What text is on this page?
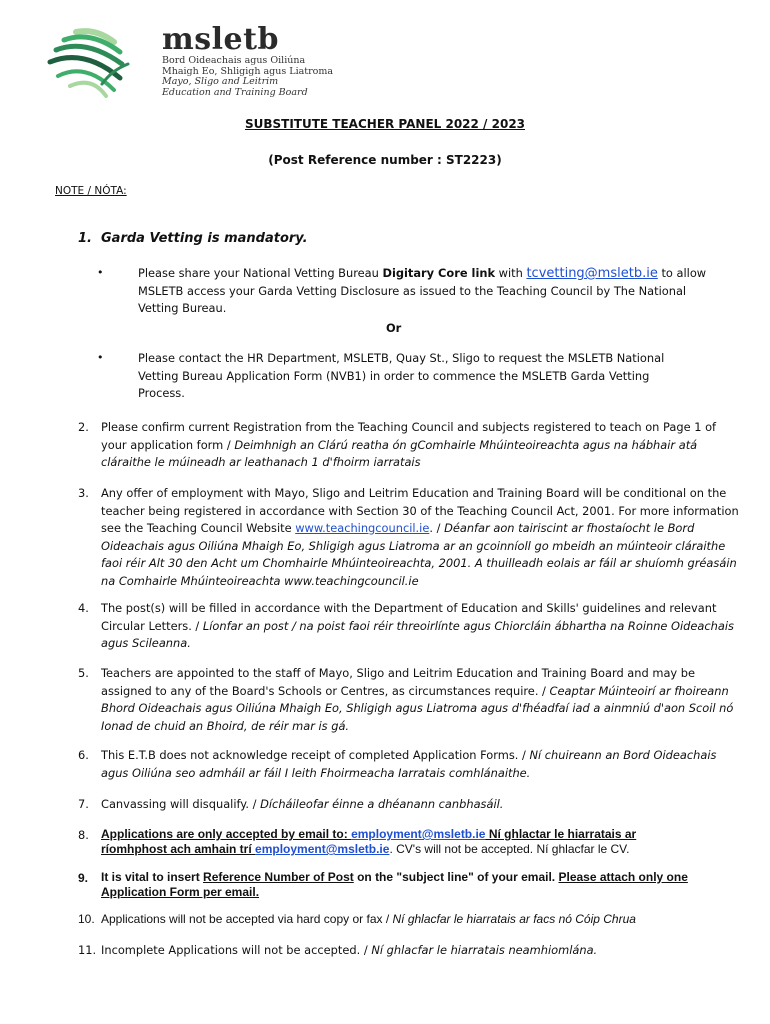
msletb
Bord Oideachais agus Oiliúna
Mhaigh Eo, Shligigh agus Liatroma
Mayo, Sligo and Leitrim
Education and Training Board
SUBSTITUTE TEACHER PANEL 2022 / 2023
(Post Reference number : ST2223)
NOTE / NÓTA:
1. Garda Vetting is mandatory.
•	Please share your National Vetting Bureau Digitary Core link with tcvetting@msletb.ie to allow
MSLETB access your Garda Vetting Disclosure as issued to the Teaching Council by The National
Vetting Bureau.
Or
•	Please contact the HR Department, MSLETB, Quay St., Sligo to request the MSLETB National
Vetting Bureau Application Form (NVB1) in order to commence the MSLETB Garda Vetting
Process.
2. Please confirm current Registration from the Teaching Council and subjects registered to teach on Page 1 of
your application form / Deimhnigh an Clárú reatha ón gComhairle Mhúinteoireachta agus na hábhair atá
cláraithe le múineadh ar leathanach 1 d'fhoirm iarratais
3. Any offer of employment with Mayo, Sligo and Leitrim Education and Training Board will be conditional on the
teacher being registered in accordance with Section 30 of the Teaching Council Act, 2001. For more information
see the Teaching Council Website www.teachingcouncil.ie. / Déanfar aon tairiscint ar fhostaíocht le Bord
Oideachais agus Oiliúna Mhaigh Eo, Shligigh agus Liatroma ar an gcoinníoll go mbeidh an múinteoir cláraithe
faoi réir Alt 30 den Acht um Chomhairle Mhúinteoireachta, 2001. A thuilleadh eolais ar fáil ar shuíomh gréasáin
na Comhairle Mhúinteoireachta www.teachingcouncil.ie
4. The post(s) will be filled in accordance with the Department of Education and Skills' guidelines and relevant
Circular Letters. / Líonfar an post / na poist faoi réir threoirlínte agus Chiorcláin ábhartha na Roinne Oideachais
agus Scileanna.
5. Teachers are appointed to the staff of Mayo, Sligo and Leitrim Education and Training Board and may be
assigned to any of the Board's Schools or Centres, as circumstances require. / Ceaptar Múinteoirí ar fhoireann
Bhord Oideachais agus Oiliúna Mhaigh Eo, Shligigh agus Liatroma agus d'fhéadfaí iad a ainmniú d'aon Scoil nó
Ionad de chuid an Bhoird, de réir mar is gá.
6. This E.T.B does not acknowledge receipt of completed Application Forms. / Ní chuireann an Bord Oideachais
agus Oiliúna seo admháil ar fáil I leith Fhoirmeacha Iarratais comhlánaithe.
7. Canvassing will disqualify. / Dícháileofar éinne a dhéanann canbhasáil.
8. Applications are only accepted by email to: employment@msletb.ie Ní ghlactar le hiarratais ar
ríomhphost ach amhain trí employment@msletb.ie. CV's will not be accepted. Ní ghlacfar le CV.
9. It is vital to insert Reference Number of Post on the "subject line" of your email. Please attach only one
Application Form per email.
10. Applications will not be accepted via hard copy or fax / Ní ghlacfar le hiarratais ar facs nó Cóip Chrua
11. Incomplete Applications will not be accepted. / Ní ghlacfar le hiarratais neamhiomlána.
